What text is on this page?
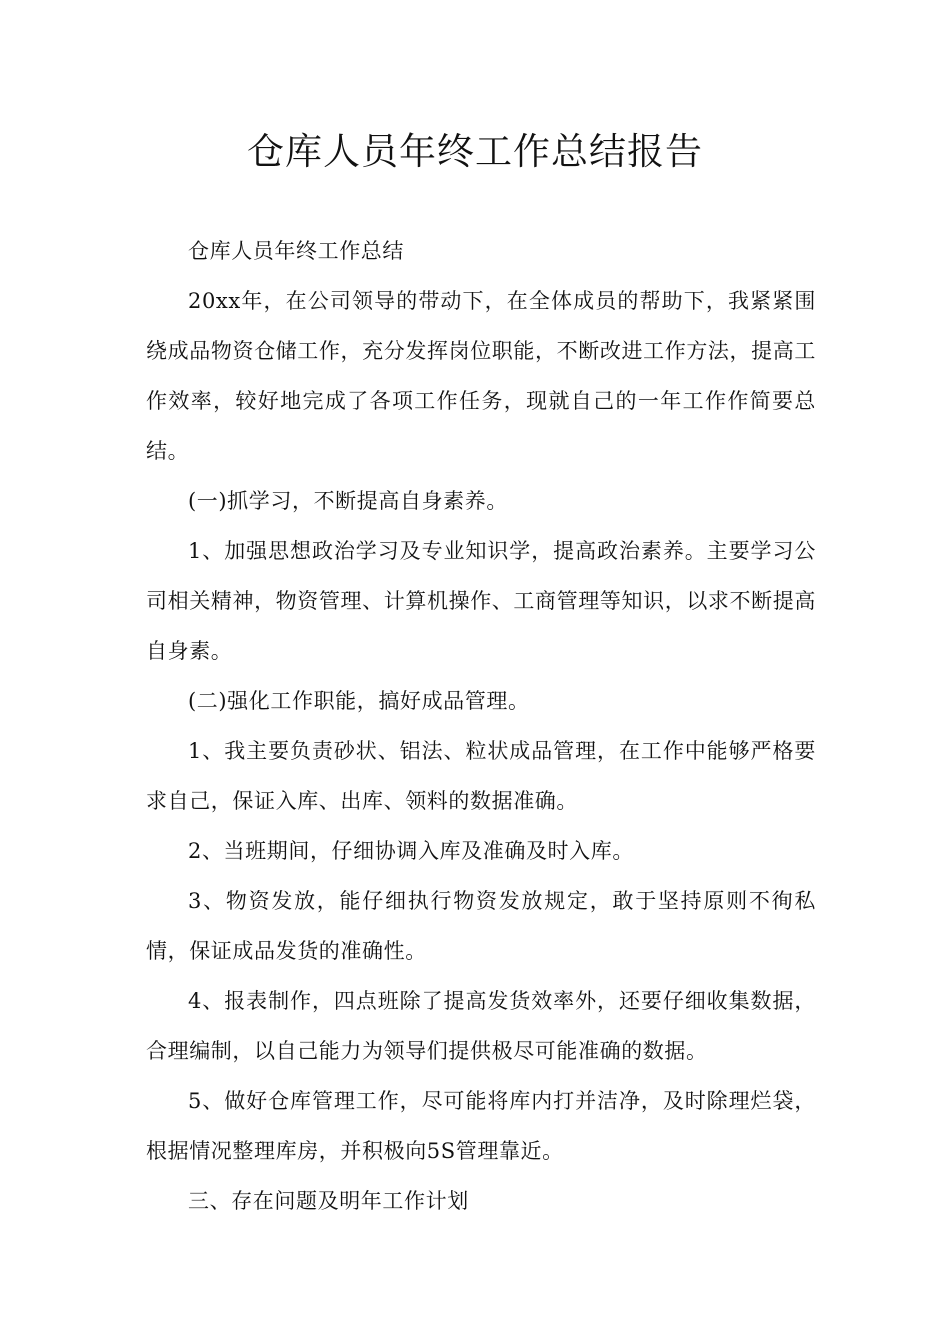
仓库人员年终工作总结报告

仓库人员年终工作总结

20xx年，在公司领导的带动下，在全体成员的帮助下，我紧紧围绕成品物资仓储工作，充分发挥岗位职能，不断改进工作方法，提高工作效率，较好地完成了各项工作任务，现就自己的一年工作作简要总结。

(一)抓学习，不断提高自身素养。

1、加强思想政治学习及专业知识学，提高政治素养。主要学习公司相关精神，物资管理、计算机操作、工商管理等知识，以求不断提高自身素。

(二)强化工作职能，搞好成品管理。

1、我主要负责砂状、铝法、粒状成品管理，在工作中能够严格要求自己，保证入库、出库、领料的数据准确。

2、当班期间，仔细协调入库及准确及时入库。

3、物资发放，能仔细执行物资发放规定，敢于坚持原则不徇私情，保证成品发货的准确性。

4、报表制作，四点班除了提高发货效率外，还要仔细收集数据，合理编制，以自己能力为领导们提供极尽可能准确的数据。

5、做好仓库管理工作，尽可能将库内打并洁净，及时除理烂袋，根据情况整理库房，并积极向5S管理靠近。

三、存在问题及明年工作计划
